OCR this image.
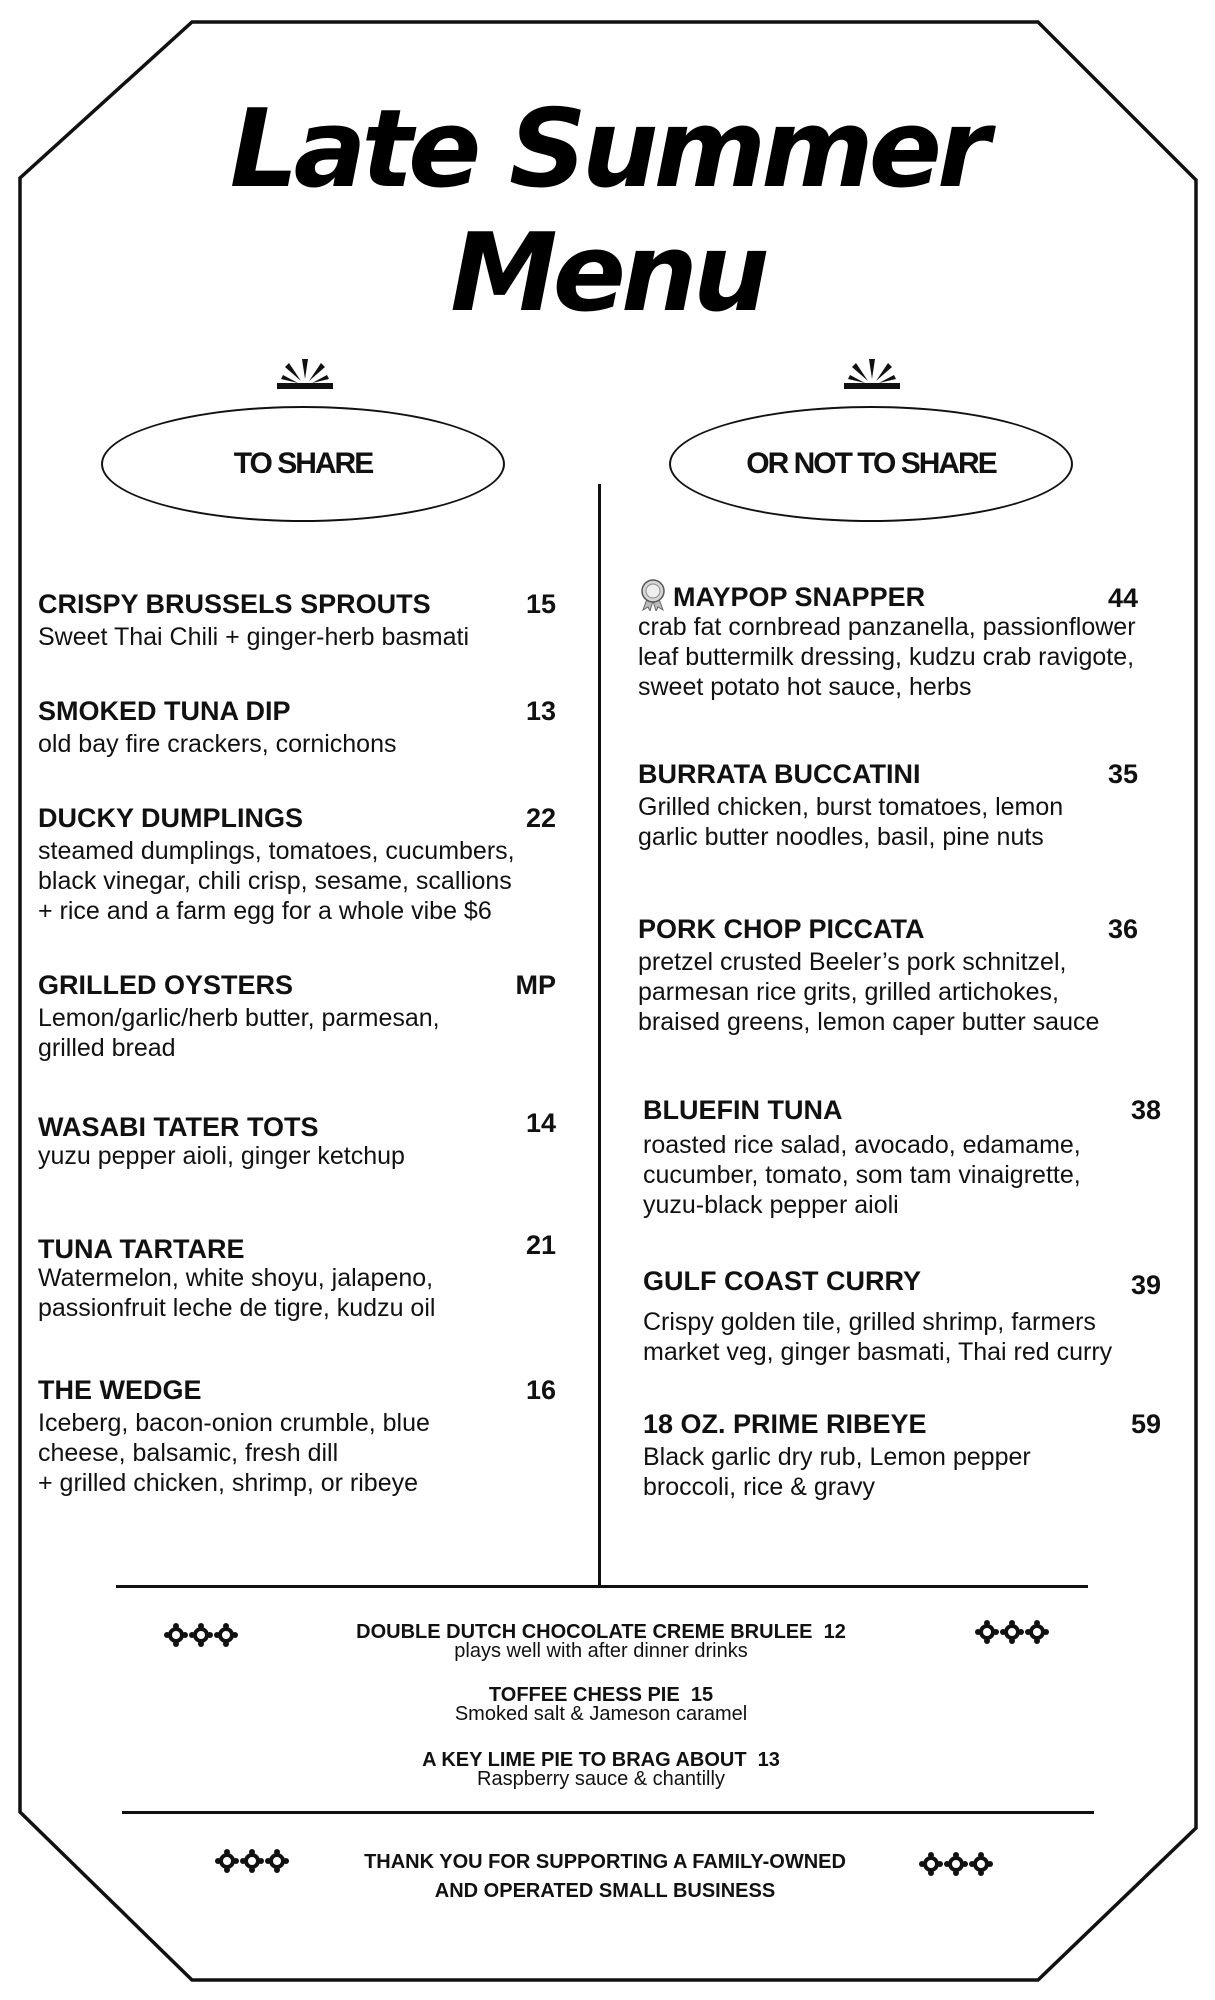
Late Summer
Menu
TO SHARE	OR NOT TO SHARE
CRISPY BRUSSELS SPROUTS	15
Sweet Thai Chili + ginger-herb basmati
SMOKED TUNA DIP	13
old bay fire crackers, cornichons
DUCKY DUMPLINGS	22
steamed dumplings, tomatoes, cucumbers,
black vinegar, chili crisp, sesame, scallions
+ rice and a farm egg for a whole vibe $6
GRILLED OYSTERS	MP
Lemon/garlic/herb butter, parmesan,
grilled bread
WASABI TATER TOTS	14
yuzu pepper aioli, ginger ketchup
TUNA TARTARE	21
Watermelon, white shoyu, jalapeno,
passionfruit leche de tigre, kudzu oil
THE WEDGE	16
Iceberg, bacon-onion crumble, blue
cheese, balsamic, fresh dill
+ grilled chicken, shrimp, or ribeye
MAYPOP SNAPPER	44
crab fat cornbread panzanella, passionflower
leaf buttermilk dressing, kudzu crab ravigote,
sweet potato hot sauce, herbs
BURRATA BUCCATINI	35
Grilled chicken, burst tomatoes, lemon
garlic butter noodles, basil, pine nuts
PORK CHOP PICCATA	36
pretzel crusted Beeler’s pork schnitzel,
parmesan rice grits, grilled artichokes,
braised greens, lemon caper butter sauce
BLUEFIN TUNA	38
roasted rice salad, avocado, edamame,
cucumber, tomato, som tam vinaigrette,
yuzu-black pepper aioli
GULF COAST CURRY	39
Crispy golden tile, grilled shrimp, farmers
market veg, ginger basmati, Thai red curry
18 OZ. PRIME RIBEYE	59
Black garlic dry rub, Lemon pepper
broccoli, rice & gravy
DOUBLE DUTCH CHOCOLATE CREME BRULEE  12
plays well with after dinner drinks
TOFFEE CHESS PIE  15
Smoked salt & Jameson caramel
A KEY LIME PIE TO BRAG ABOUT  13
Raspberry sauce & chantilly
THANK YOU FOR SUPPORTING A FAMILY-OWNED
AND OPERATED SMALL BUSINESS
